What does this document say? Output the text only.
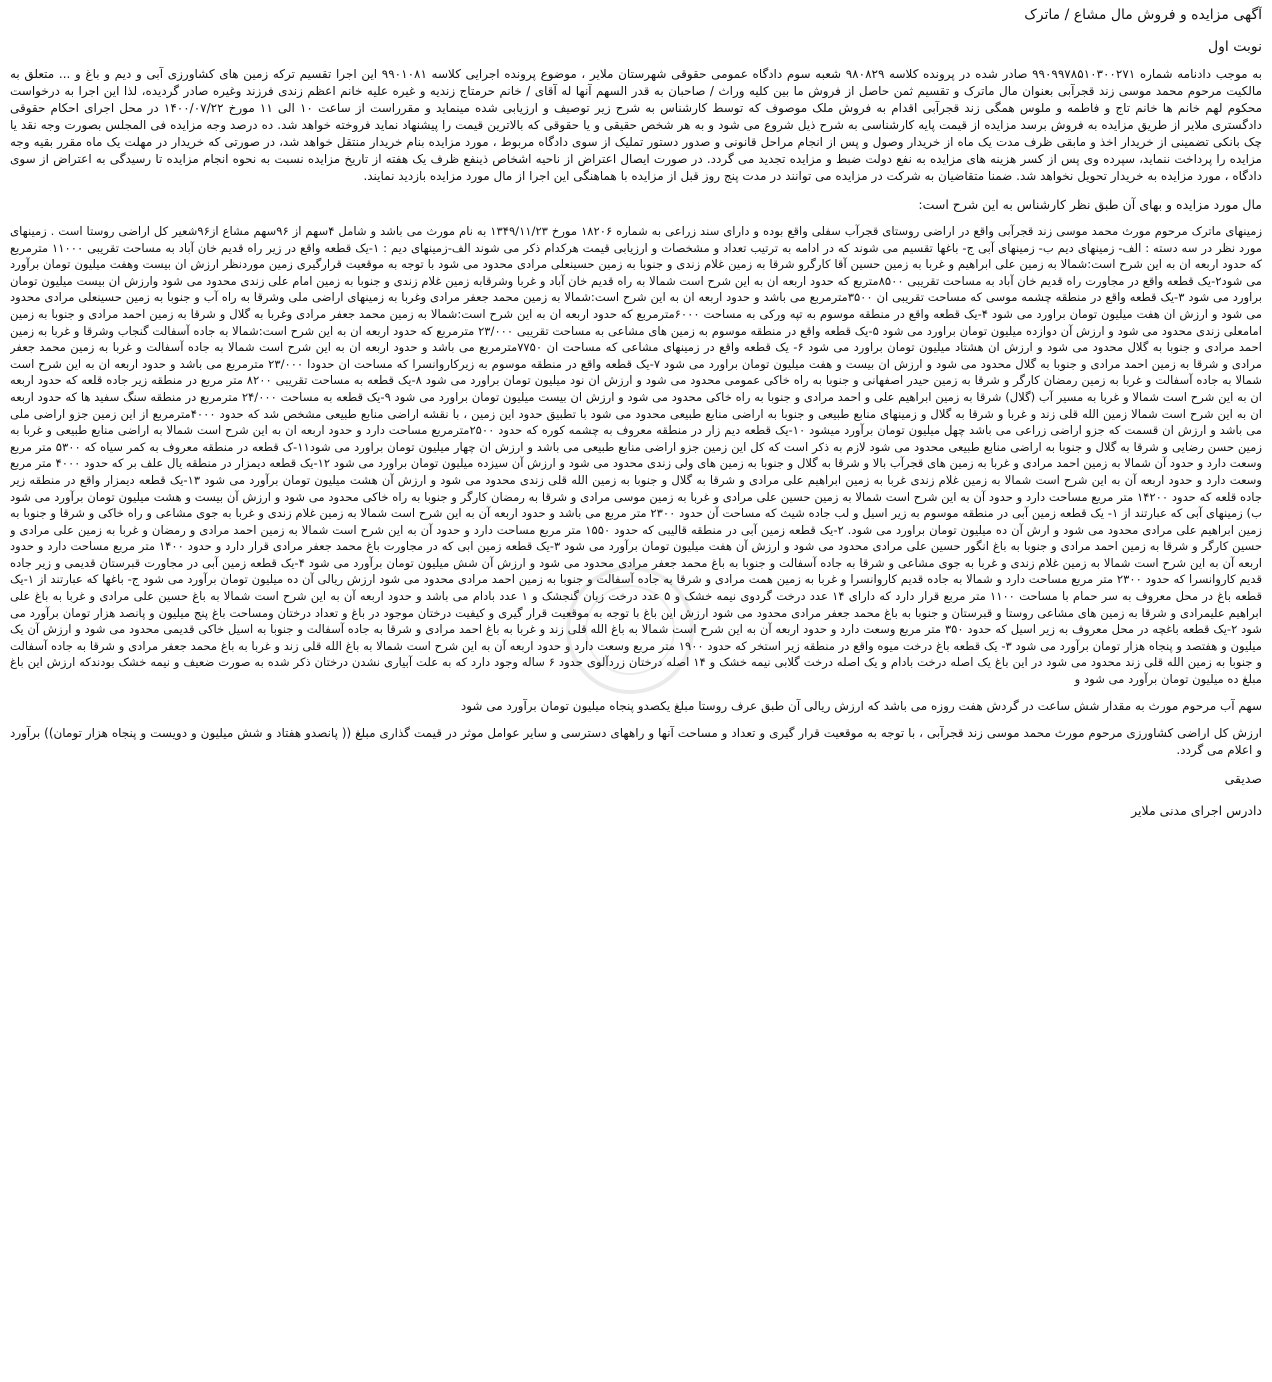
آگهی مزایده و فروش مال مشاع / ماترک
نوبت اول
به موجب دادنامه شماره ۹۹۰۹۹۷۸۵۱۰۳۰۰۲۷۱ صادر شده در پرونده کلاسه ۹۸۰۸۲۹ شعبه سوم دادگاه عمومی حقوقی شهرستان ملایر ، موضوع پرونده اجرایی کلاسه ۹۹۰۱۰۸۱ این اجرا تقسیم ترکه زمین های کشاورزی آبی و دیم و باغ و ... متعلق به مالکیت مرحوم محمد موسی زند قجرآبی بعنوان مال ماترک و تقسیم ثمن حاصل از فروش ما بین کلیه وراث / صاحبان به قدر السهم آنها له آقای / خانم حرمتاج زندیه و غیره علیه خانم اعظم زندی فرزند وغیره صادر گردیده، لذا این اجرا به درخواست محکوم لهم خانم ها خانم تاج و فاطمه و ملوس همگی زند قجرآبی اقدام به فروش ملک موصوف که توسط کارشناس به شرح زیر توصیف و ارزیابی شده مینماید و مقرراست از ساعت ۱۰ الی ۱۱ مورخ ۱۴۰۰/۰۷/۲۲ در محل اجرای احکام حقوقی دادگستری ملایر از طریق مزایده به فروش برسد مزایده از قیمت پایه کارشناسی به شرح ذیل شروع می شود و به هر شخص حقیقی و یا حقوقی که بالاترین قیمت را پیشنهاد نماید فروخته خواهد شد. ده درصد وجه مزایده فی المجلس بصورت وجه نقد یا چک بانکی تضمینی از خریدار اخذ و مابقی ظرف مدت یک ماه از خریدار وصول و پس از انجام مراحل قانونی و صدور دستور تملیک از سوی دادگاه مربوط ، مورد مزایده بنام خریدار منتقل خواهد شد، در صورتی که خریدار در مهلت یک ماه مقرر بقیه وجه مزایده را پرداخت ننماید، سپرده وی پس از کسر هزینه های مزایده به نفع دولت ضبط و مزایده تجدید می گردد. در صورت ایصال اعتراض از ناحیه اشخاص ذینفع ظرف یک هفته از تاریخ مزایده نسبت به نحوه انجام مزایده تا رسیدگی به اعتراض از سوی دادگاه ، مورد مزایده به خریدار تحویل نخواهد شد. ضمنا متقاضیان به شرکت در مزایده می توانند در مدت پنج روز قبل از مزایده با هماهنگی این اجرا از مال مورد مزایده بازدید نمایند.
مال مورد مزایده و بهای آن طبق نظر کارشناس به این شرح است:
زمینهای ماترک مرحوم مورث محمد موسی زند قجرآبی واقع در اراضی روستای قجرآب سفلی واقع بوده و دارای سند زراعی به شماره ۱۸۲۰۶ مورخ ۱۳۴۹/۱۱/۲۳ به نام مورث می باشد و شامل ۴سهم از ۹۶سهم مشاع از۹۶شعیر کل اراضی روستا است . زمینهای مورد نظر در سه دسته : الف- زمینهای دیم ب- زمینهای آبی ج- باغها تقسیم می شوند که در ادامه به ترتیب تعداد و مشخصات و ارزیابی قیمت هرکدام ذکر می شوند الف-زمینهای دیم : ۱-یک قطعه واقع در زیر راه قدیم خان آباد به مساحت تقریبی ۱۱۰۰۰ مترمربع که حدود اربعه ان به این شرح است:شمالا به زمین علی ابراهیم و غربا به زمین حسین آقا کارگرو شرقا به زمین غلام زندی و جنوبا به زمین حسینعلی مرادی محدود می شود با توجه به موقعیت قرارگیری زمین موردنظر ارزش ان بیست وهفت میلیون تومان برآورد می شود۲-یک قطعه واقع در مجاورت راه قدیم خان آباد به مساحت تقریبی ۸۵۰۰متربع که حدود اربعه ان به این شرح است شمالا به راه قدیم خان آباد و غربا وشرقابه زمین غلام زندی و جنوبا به زمین امام علی زندی محدود می شود وارزش ان بیست میلیون تومان براورد می شود ۳-یک قطعه واقع در منطقه چشمه موسی که مساحت تقریبی ان ۳۵۰۰مترمربع می باشد و حدود اربعه ان به این شرح است:شمالا به زمین محمد جعفر مرادی وغربا به زمینهای اراضی ملی وشرقا به راه آب و جنوبا به زمین حسینعلی مرادی محدود می شود و ارزش ان هفت میلیون تومان براورد می شود ۴-یک قطعه واقع در منطقه موسوم به تپه ورکی به مساحت ۶۰۰۰مترمربع که حدود اربعه ان به این شرح است:شمالا به زمین محمد جعفر مرادی وغربا به گلال و شرقا به زمین احمد مرادی و جنوبا به زمین امامعلی زندی محدود می شود و ارزش آن دوازده میلیون تومان براورد می شود ۵-یک قطعه واقع در منطقه موسوم به زمین های مشاعی به مساحت تقریبی ۲۳/۰۰۰ مترمربع که حدود اربعه ان به این شرح است:شمالا به جاده آسفالت گنجاب وشرقا و غربا به زمین احمد مرادی و جنوبا به گلال محدود می شود و ارزش ان هشتاد میلیون تومان براورد می شود ۶- یک قطعه واقع در زمینهای مشاعی که مساحت ان ۷۷۵۰مترمربع می باشد و حدود اربعه ان به این شرح است شمالا به جاده آسفالت و غربا به زمین محمد جعفر مرادی و شرقا به زمین احمد مرادی و جنوبا به گلال محدود می شود و ارزش ان بیست و هفت میلیون تومان براورد می شود ۷-یک قطعه واقع در منطقه موسوم به زیرکاروانسرا که مساحت ان حدودا ۲۳/۰۰۰ مترمربع می باشد و حدود اربعه ان به این شرح است شمالا به جاده آسفالت و غربا به زمین رمضان کارگر و شرقا به زمین حیدر اصفهانی و جنوبا به راه خاکی عمومی محدود می شود و ارزش ان نود میلیون تومان براورد می شود ۸-یک قطعه به مساحت تقریبی ۸۲۰۰ متر مربع در منطقه زیر جاده قلعه که حدود اربعه ان به این شرح است شمالا و غربا به مسیر آب (گلال) شرقا به زمین ابراهیم علی و احمد مرادی و جنوبا به راه خاکی محدود می شود و ارزش ان بیست میلیون تومان براورد می شود ۹-یک قطعه به مساحت ۲۴/۰۰۰ مترمربع در منطقه سنگ سفید ها که حدود اربعه ان به این شرح است شمالا زمین الله قلی زند و غربا و شرقا به گلال و زمینهای منابع طبیعی و جنوبا به اراضی منابع طبیعی محدود می شود با تطبیق حدود این زمین ، با نقشه اراضی منابع طبیعی مشخص شد که حدود ۴۰۰۰مترمربع از این زمین جزو اراضی ملی می باشد و ارزش ان قسمت که جزو اراضی زراعی می باشد چهل میلیون تومان برآورد میشود ۱۰-یک قطعه دیم زار در منطقه معروف به چشمه کوره که حدود ۲۵۰۰مترمربع مساحت دارد و حدود اربعه ان به این شرح است شمالا به اراضی منابع طبیعی و غربا به زمین حسن رضایی و شرقا به گلال و جنوبا به اراضی منابع طبیعی محدود می شود لازم به ذکر است که کل این زمین جزو اراضی منابع طبیعی می باشد و ارزش ان چهار میلیون تومان براورد می شود۱۱-ک قطعه در منطقه معروف به کمر سیاه که ۵۳۰۰ متر مربع وسعت دارد و حدود آن شمالا به زمین احمد مرادی و غربا به زمین های قجرآب بالا و شرقا به گلال و جنوبا به زمین های ولی زندی محدود می شود و ارزش آن سیزده میلیون تومان براورد می شود ۱۲-یک قطعه دیمزار در منطقه یال علف بر که حدود ۴۰۰۰ متر مربع وسعت دارد و حدود اربعه آن به این شرح است شمالا به زمین غلام زندی غربا به زمین ابراهیم علی مرادی و شرقا به گلال و جنوبا به زمین الله قلی زندی محدود می شود و ارزش آن هشت میلیون تومان برآورد می شود ۱۳-یک قطعه دیمزار واقع در منطقه زیر جاده قلعه که حدود ۱۴۲۰۰ متر مربع مساحت دارد و حدود آن به این شرح است شمالا به زمین حسین علی مرادی و غربا به زمین موسی مرادی و شرقا به رمضان کارگر و جنوبا به راه خاکی محدود می شود و ارزش آن بیست و هشت میلیون تومان برآورد می شود ب) زمینهای آبی که عبارتند از ۱- یک قطعه زمین آبی در منطقه موسوم به زیر اسیل و لب جاده شیث که مساحت آن حدود ۲۳۰۰ متر مربع می باشد و حدود اربعه آن به این شرح است شمالا به زمین غلام زندی و غربا به جوی مشاعی و راه خاکی و شرقا و جنوبا به زمین ابراهیم علی مرادی محدود می شود و ارش آن ده میلیون تومان براورد می شود. ۲-یک قطعه زمین آبی در منطقه قالیبی که حدود ۱۵۵۰ متر مربع مساحت دارد و حدود آن به این شرح است شمالا به زمین احمد مرادی و رمضان و غربا به زمین علی مرادی و حسین کارگر و شرقا به زمین احمد مرادی و جنوبا به باغ انگور حسین علی مرادی محدود می شود و ارزش آن هفت میلیون تومان برآورد می شود ۳-یک قطعه زمین ابی که در مجاورت باغ محمد جعفر مرادی قرار دارد و حدود ۱۴۰۰ متر مربع مساحت دارد و حدود اربعه آن به این شرح است شمالا به زمین غلام زندی و غربا به جوی مشاعی و شرقا به جاده آسفالت و جنوبا به باغ محمد جعفر مرادی محدود می شود و ارزش آن شش میلیون تومان برآورد می شود ۴-یک قطعه زمین آبی در مجاورت قبرستان قدیمی و زیر جاده قدیم کاروانسرا که حدود ۲۳۰۰ متر مربع مساحت دارد و شمالا به جاده قدیم کاروانسرا و غربا به زمین همت مرادی و شرقا به جاده آسفالت و جنوبا به زمین احمد مرادی محدود می شود ارزش ریالی آن ده میلیون تومان برآورد می شود ج- باغها که عبارتند از ۱-یک قطعه باغ در محل معروف به سر حمام با مساحت ۱۱۰۰ متر مربع قرار دارد که دارای ۱۴ عدد درخت گردوی نیمه خشک و ۵ عدد درخت زبان گنجشک و ۱ عدد بادام می باشد و حدود اربعه آن به این شرح است شمالا به باغ حسین علی مرادی و غربا به باغ علی ابراهیم علیمرادی و شرقا به زمین های مشاعی روستا و قبرستان و جنوبا به باغ محمد جعفر مرادی محدود می شود ارزش این باغ با توجه به موقعیت قرار گیری و کیفیت درختان موجود در باغ و تعداد درختان ومساحت باغ پنج میلیون و پانصد هزار تومان برآورد می شود ۲-یک قطعه باغچه در محل معروف به زیر اسیل که حدود ۳۵۰ متر مربع وسعت دارد و حدود اربعه آن به این شرح است شمالا به باغ الله قلی زند و غربا به باغ احمد مرادی و شرقا به جاده آسفالت و جنوبا به اسیل خاکی قدیمی محدود می شود و ارزش آن یک میلیون و هفتصد و پنجاه هزار تومان برآورد می شود ۳- یک قطعه باغ درخت میوه واقع در منطقه زیر استخر که حدود ۱۹۰۰ متر مربع وسعت دارد و حدود اربعه آن به این شرح است شمالا به باغ الله قلی زند و غربا به باغ محمد جعفر مرادی و شرقا به جاده آسفالت و جنوبا به زمین الله قلی زند محدود می شود در این باغ یک اصله درخت بادام و یک اصله درخت گلابی نیمه خشک و ۱۴ اصله درختان زردآلوی حدود ۶ ساله وجود دارد که به علت آبیاری نشدن درختان ذکر شده به صورت ضعیف و نیمه خشک بودندکه ارزش این باغ مبلغ ده میلیون تومان برآورد می شود و
سهم آب مرحوم مورث به مقدار شش ساعت در گردش هفت روزه می باشد که ارزش ریالی آن طبق عرف روستا مبلغ یکصدو پنجاه میلیون تومان برآورد می شود
ارزش کل اراضی کشاورزی مرحوم مورث محمد موسی زند قجرآبی ، با توجه به موقعیت قرار گیری و تعداد و مساحت آنها و راههای دسترسی و سایر عوامل موثر در قیمت گذاری مبلغ (( پانصدو هفتاد و شش میلیون و دویست و پنجاه هزار تومان)) برآورد و اعلام می گردد.
صدیقی
دادرس اجرای مدنی ملایر
